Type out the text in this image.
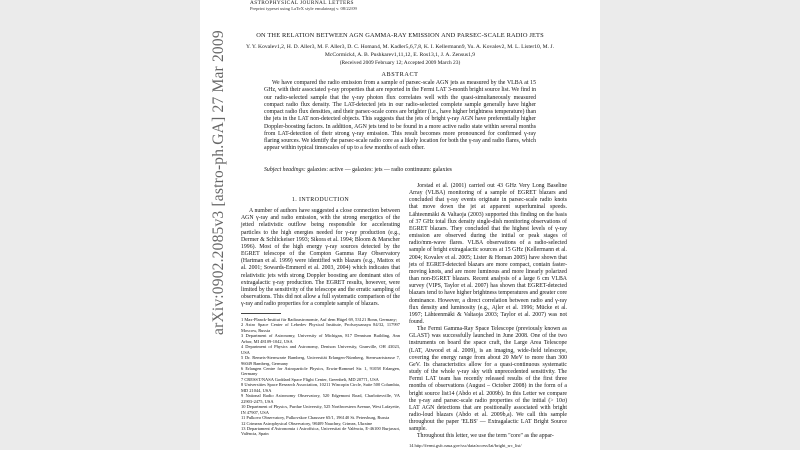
ASTROPHYSICAL JOURNAL LETTERS
Preprint typeset using LaTeX style emulateapj v. 08/22/09
ON THE RELATION BETWEEN AGN GAMMA-RAY EMISSION AND PARSEC-SCALE RADIO JETS
Y. Y. Kovalev1,2, H. D. Aller3, M. F. Aller3, D. C. Homan4, M. Kadler5,6,7,8, K. I. Kellermann9, Yu. A. Kovalev2, M. L. Lister10, M. J. McCormick4, A. B. Pushkarev1,11,12, E. Ros13,1, J. A. Zensus1,9
(Received 2009 February 12; Accepted 2009 March 23)
ABSTRACT
We have compared the radio emission from a sample of parsec-scale AGN jets as measured by the VLBA at 15 GHz, with their associated γ-ray properties that are reported in the Fermi LAT 3-month bright source list. We find in our radio-selected sample that the γ-ray photon flux correlates well with the quasi-simultaneously measured compact radio flux density. The LAT-detected jets in our radio-selected complete sample generally have higher compact radio flux densities, and their parsec-scale cores are brighter (i.e., have higher brightness temperature) than the jets in the LAT non-detected objects. This suggests that the jets of bright γ-ray AGN have preferentially higher Doppler-boosting factors. In addition, AGN jets tend to be found in a more active radio state within several months from LAT-detection of their strong γ-ray emission. This result becomes more pronounced for confirmed γ-ray flaring sources. We identify the parsec-scale radio core as a likely location for both the γ-ray and radio flares, which appear within typical timescales of up to a few months of each other.
Subject headings: galaxies: active — galaxies: jets — radio continuum: galaxies
1. INTRODUCTION

A number of authors have suggested a close connection between AGN γ-ray and radio emission, with the strong energetics of the jetted relativistic outflow being responsible for accelerating particles to the high energies needed for γ-ray production (e.g., Dermer & Schlickeiser 1993; Sikora et al. 1994; Bloom & Marscher 1996). Most of the high energy γ-ray sources detected by the EGRET telescope of the Compton Gamma Ray Observatory (Hartman et al. 1999) were identified with blazars (e.g., Mattox et al. 2001; Sowards-Emmerd et al. 2003, 2004) which indicates that relativistic jets with strong Doppler boosting are dominant sites of extragalactic γ-ray production. The EGRET results, however, were limited by the sensitivity of the telescope and the erratic sampling of observations. This did not allow a full systematic comparison of the γ-ray and radio properties for a complete sample of blazars.

1 Max-Planck-Institut für Radioastronomie, Auf dem Hügel 69, 53121 Bonn, Germany;

2 Astro Space Center of Lebedev Physical Institute, Profsoyuznaya 84/32, 117997 Moscow, Russia

3 Department of Astronomy, University of Michigan, 817 Dennison Building, Ann Arbor, MI 48109-1042, USA

4 Department of Physics and Astronomy, Denison University, Granville, OH 43023, USA

5 Dr. Remeis-Sternwarte Bamberg, Universität Erlangen-Nürnberg, Sternwartstrasse 7, 96049 Bamberg, Germany

6 Erlangen Centre for Astroparticle Physics, Erwin-Rommel Str. 1, 91058 Erlangen, Germany

7 CRESST/NASA Goddard Space Flight Center, Greenbelt, MD 20771, USA

8 Universities Space Research Association, 10211 Wincopin Circle, Suite 500 Columbia, MD 21044, USA

9 National Radio Astronomy Observatory, 520 Edgemont Road, Charlottesville, VA 22903-2475, USA

10 Department of Physics, Purdue University, 525 Northwestern Avenue, West Lafayette, IN 47907, USA

11 Pulkovo Observatory, Pulkovskoe Chaussee 65/1, 196140 St. Petersburg, Russia

12 Crimean Astrophysical Observatory, 98409 Nauchny, Crimea, Ukraine

13 Departament d'Astronomia i Astrofísica, Universitat de València, E-46100 Burjassot, València, Spain

Jorstad et al. (2001) carried out 43 GHz Very Long Baseline Array (VLBA) monitoring of a sample of EGRET blazars and concluded that γ-ray events originate in parsec-scale radio knots that move down the jet at apparent superluminal speeds. Lähteenmäki & Valtaoja (2003) supported this finding on the basis of 37 GHz total flux density single-dish monitoring observations of EGRET blazars. They concluded that the highest levels of γ-ray emission are observed during the initial or peak stages of radio/mm-wave flares. VLBA observations of a radio-selected sample of bright extragalactic sources at 15 GHz (Kellermann et al. 2004; Kovalev et al. 2005; Lister & Homan 2005) have shown that jets of EGRET-detected blazars are more compact, contain faster-moving knots, and are more luminous and more linearly polarized than non-EGRET blazars. Recent analysis of a large 6 cm VLBA survey (VIPS, Taylor et al. 2007) has shown that EGRET-detected blazars tend to have higher brightness temperatures and greater core dominance. However, a direct correlation between radio and γ-ray flux density and luminosity (e.g., Ajler et al. 1996; Mücke et al. 1997; Lähteenmäki & Valtaoja 2003; Taylor et al. 2007) was not found.

The Fermi Gamma-Ray Space Telescope (previously known as GLAST) was successfully launched in June 2008. One of the two instruments on board the space craft, the Large Area Telescope (LAT, Atwood et al. 2009), is an imaging, wide-field telescope, covering the energy range from about 20 MeV to more than 300 GeV. Its characteristics allow for a quasi-continuous systematic study of the whole γ-ray sky with unprecedented sensitivity. The Fermi LAT team has recently released results of the first three months of observations (August – October 2008) in the form of a bright source list14 (Abdo et al. 2009b). In this Letter we compare the γ-ray and parsec-scale radio properties of the initial (> 10σ) LAT AGN detections that are positionally associated with bright radio-loud blazars (Abdo et al. 2009b,a). We call this sample throughout the paper 'ELBS' — Extragalactic LAT Bright Source sample.

Throughout this letter, we use the term "core" as the appar-

14 http://fermi.gsfc.nasa.gov/ssc/data/access/lat/bright_src_list/
arXiv:0902.2085v3 [astro-ph.GA] 27 Mar 2009
